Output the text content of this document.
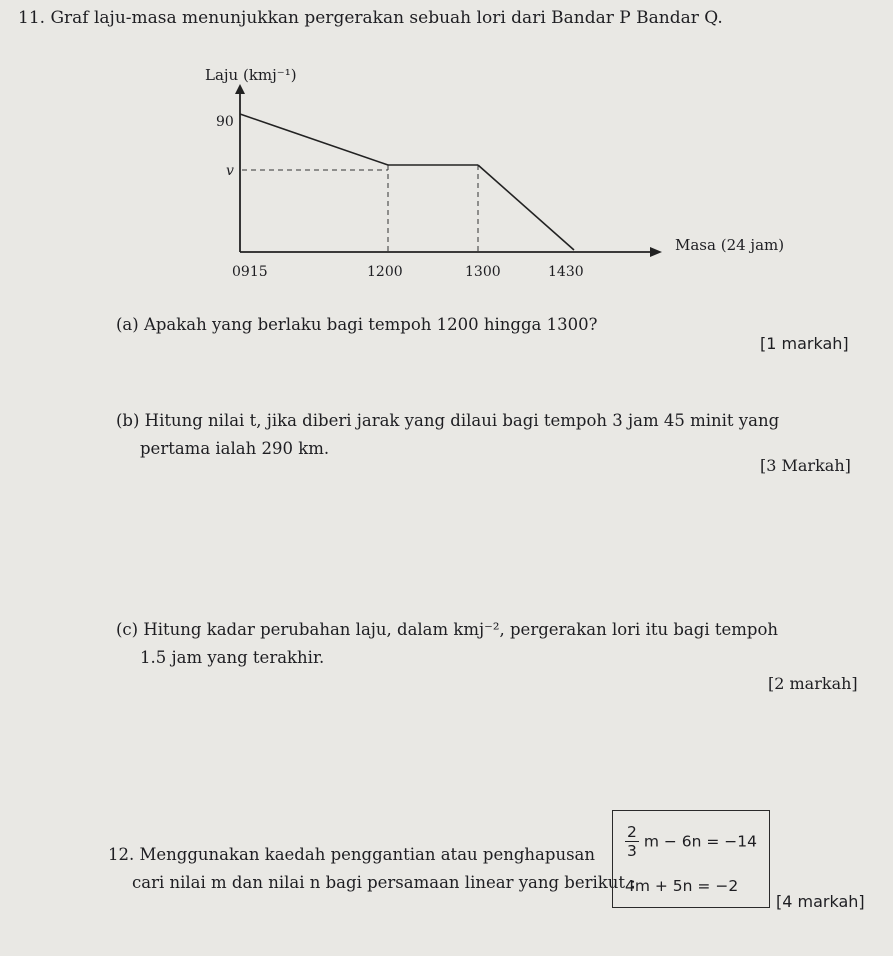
11. Graf laju-masa menunjukkan pergerakan sebuah lori dari Bandar P Bandar Q.
Laju (kmj⁻¹)
90
v
0915	1200	1300	1430
Masa (24 jam)
(a) Apakah yang berlaku bagi tempoh 1200 hingga 1300?
[1 markah]
(b) Hitung nilai t, jika diberi jarak yang dilaui bagi tempoh 3 jam 45 minit yang
pertama ialah 290 km.
[3 Markah]
(c) Hitung kadar perubahan laju, dalam kmj⁻², pergerakan lori itu bagi tempoh
1.5 jam yang terakhir.
[2 markah]
12. Menggunakan kaedah penggantian atau penghapusan
cari nilai m dan nilai n bagi persamaan linear yang berikut :
$\frac{2}{3}$ m − 6n = −14
4m + 5n = −2
[4 markah]
